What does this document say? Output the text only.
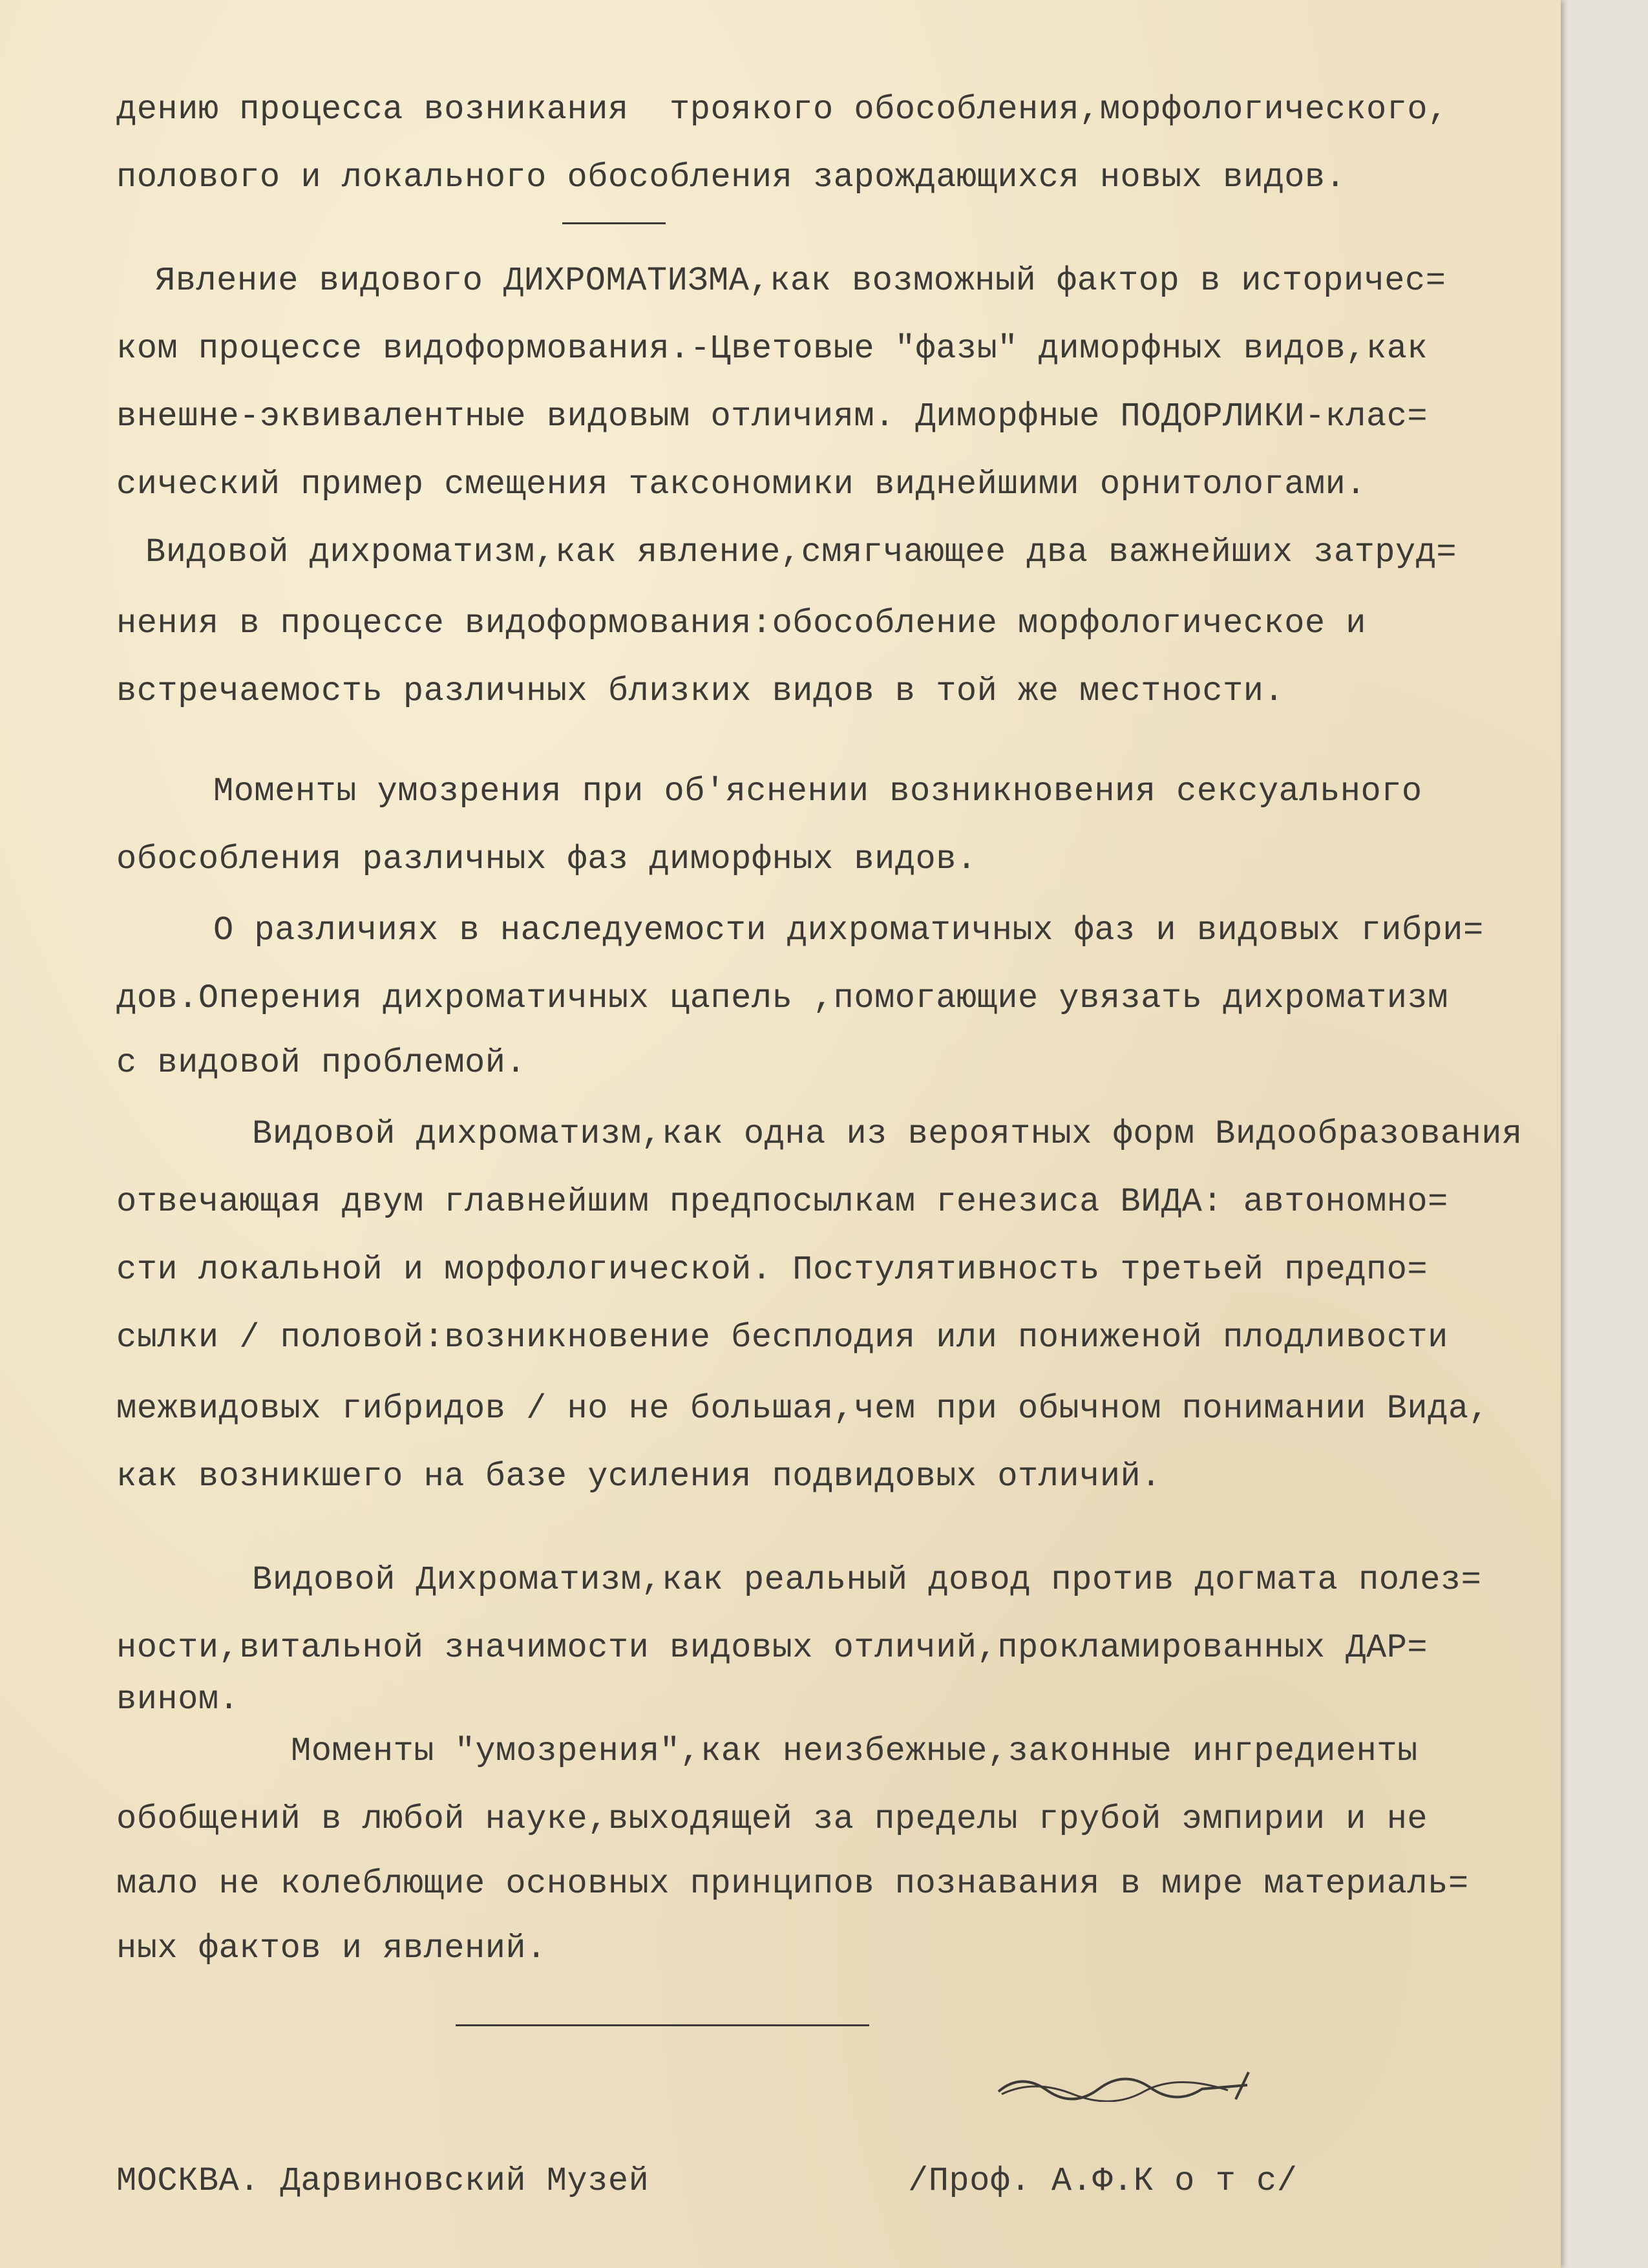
дению процесса возникания  троякого обособления,морфологического,
полового и локального обособления зарождающихся новых видов.
Явление видового ДИХРОМАТИЗМА,как возможный фактор в историчес=
ком процессе видоформования.-Цветовые "фазы" диморфных видов,как
внешне-эквивалентные видовым отличиям. Диморфные ПОДОРЛИКИ-клас=
сический пример смещения таксономики виднейшими орнитологами.
Видовой дихроматизм,как явление,смягчающее два важнейших затруд=
нения в процессе видоформования:обособление морфологическое и
встречаемость различных близких видов в той же местности.
Моменты умозрения при об'яснении возникновения сексуального
обособления различных фаз диморфных видов.
О различиях в наследуемости дихроматичных фаз и видовых гибри=
дов.Оперения дихроматичных цапель ,помогающие увязать дихроматизм
с видовой проблемой.
Видовой дихроматизм,как одна из вероятных форм Видообразования
отвечающая двум главнейшим предпосылкам генезиса ВИДА: автономно=
сти локальной и морфологической. Постулятивность третьей предпо=
сылки / половой:возникновение бесплодия или пониженой плодливости
межвидовых гибридов / но не большая,чем при обычном понимании Вида,
как возникшего на базе усиления подвидовых отличий.
Видовой Дихроматизм,как реальный довод против догмата полез=
ности,витальной значимости видовых отличий,прокламированных ДАР=
вином.
Моменты "умозрения",как неизбежные,законные ингредиенты
обобщений в любой науке,выходящей за пределы грубой эмпирии и не
мало не колеблющие основных принципов познавания в мире материаль=
ных фактов и явлений.
МОСКВА. Дарвиновский Музей	/Проф. А.Ф.К о т с/
